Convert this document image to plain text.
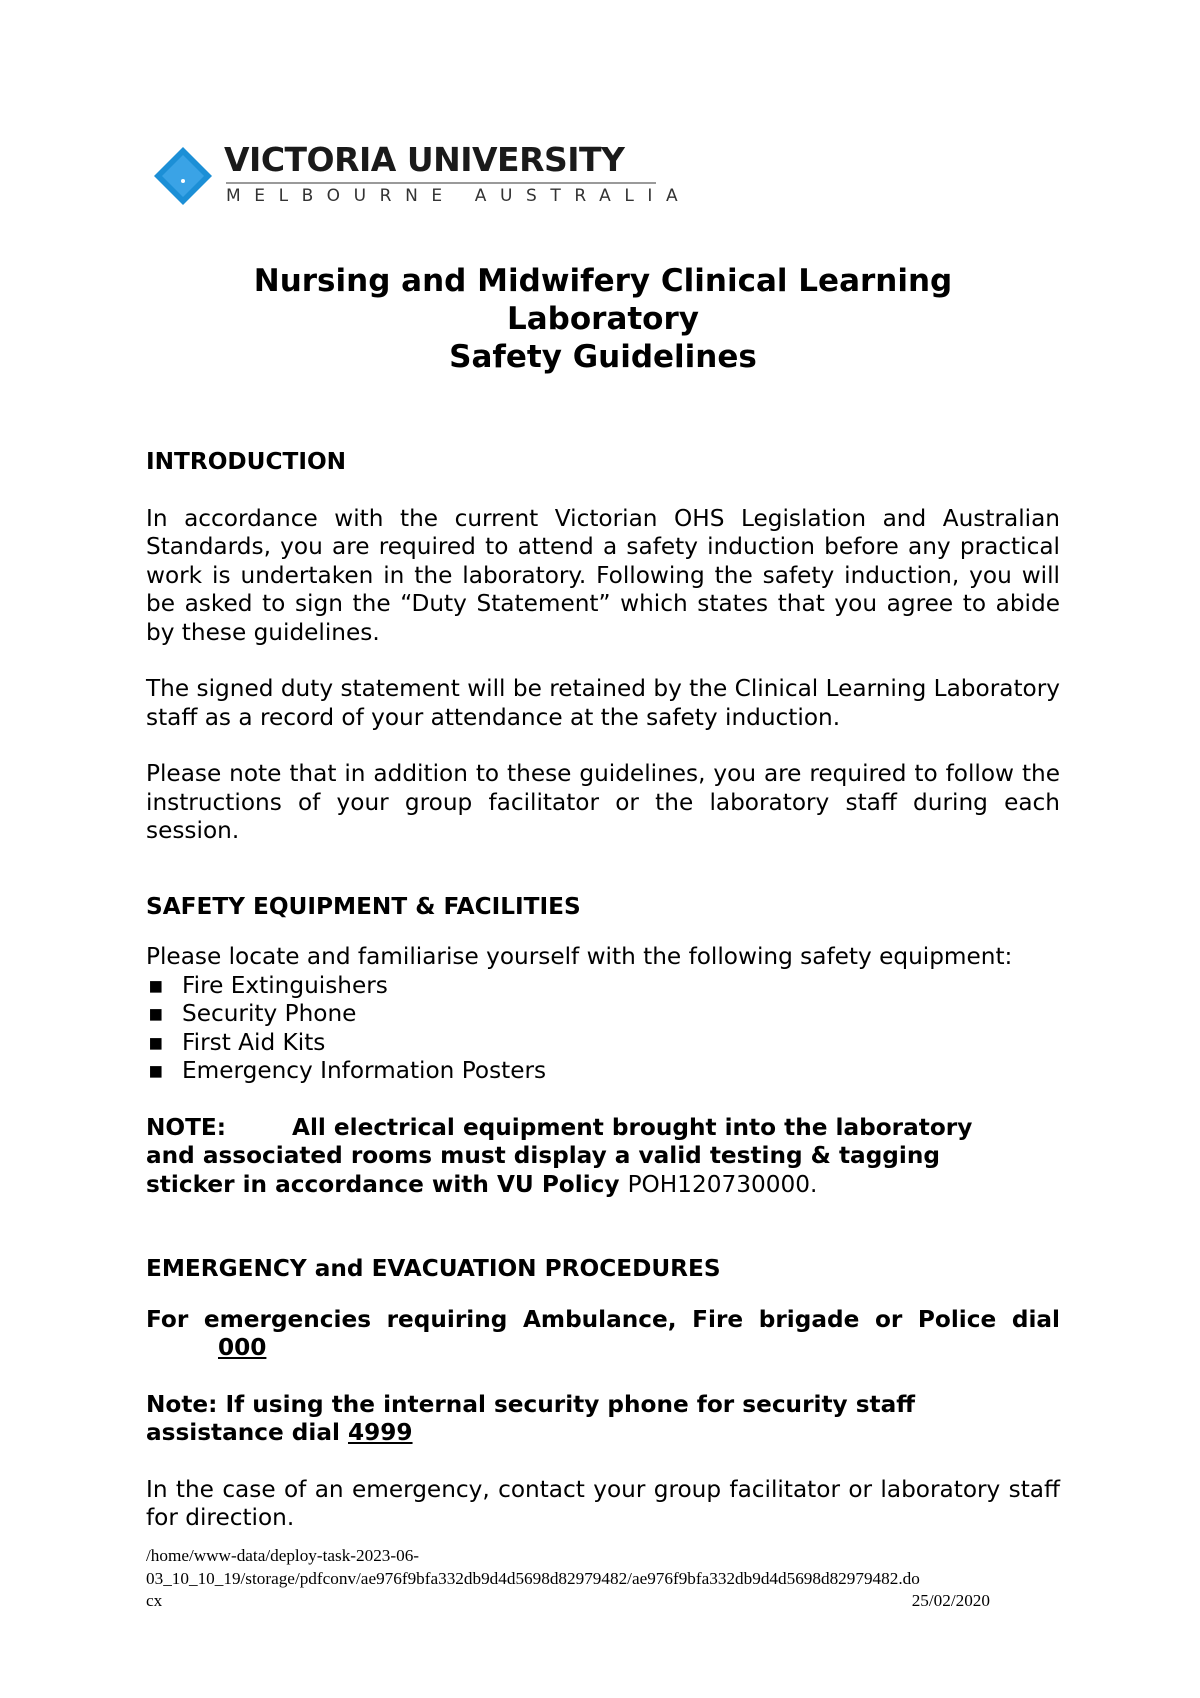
VICTORIA UNIVERSITY
MELBOURNE AUSTRALIA
Nursing and Midwifery Clinical Learning
Laboratory
Safety Guidelines

INTRODUCTION

In accordance with the current Victorian OHS Legislation and Australian Standards, you are required to attend a safety induction before any practical work is undertaken in the laboratory. Following the safety induction, you will be asked to sign the “Duty Statement” which states that you agree to abide by these guidelines.

The signed duty statement will be retained by the Clinical Learning Laboratory staff as a record of your attendance at the safety induction.

Please note that in addition to these guidelines, you are required to follow the instructions of your group facilitator or the laboratory staff during each session.

SAFETY EQUIPMENT & FACILITIES

Please locate and familiarise yourself with the following safety equipment:

▪ Fire Extinguishers
▪ Security Phone
▪ First Aid Kits
▪ Emergency Information Posters

NOTE:	All electrical equipment brought into the laboratory

and associated rooms must display a valid testing & tagging

sticker in accordance with VU Policy POH120730000.

EMERGENCY and EVACUATION PROCEDURES

For emergencies requiring Ambulance, Fire brigade or Police dial

000

Note: If using the internal security phone for security staff

assistance dial 4999

In the case of an emergency, contact your group facilitator or laboratory staff for direction.

/home/www-data/deploy-task-2023-06-
03_10_10_19/storage/pdfconv/ae976f9bfa332db9d4d5698d82979482/ae976f9bfa332db9d4d5698d82979482.do
cx	25/02/2020
